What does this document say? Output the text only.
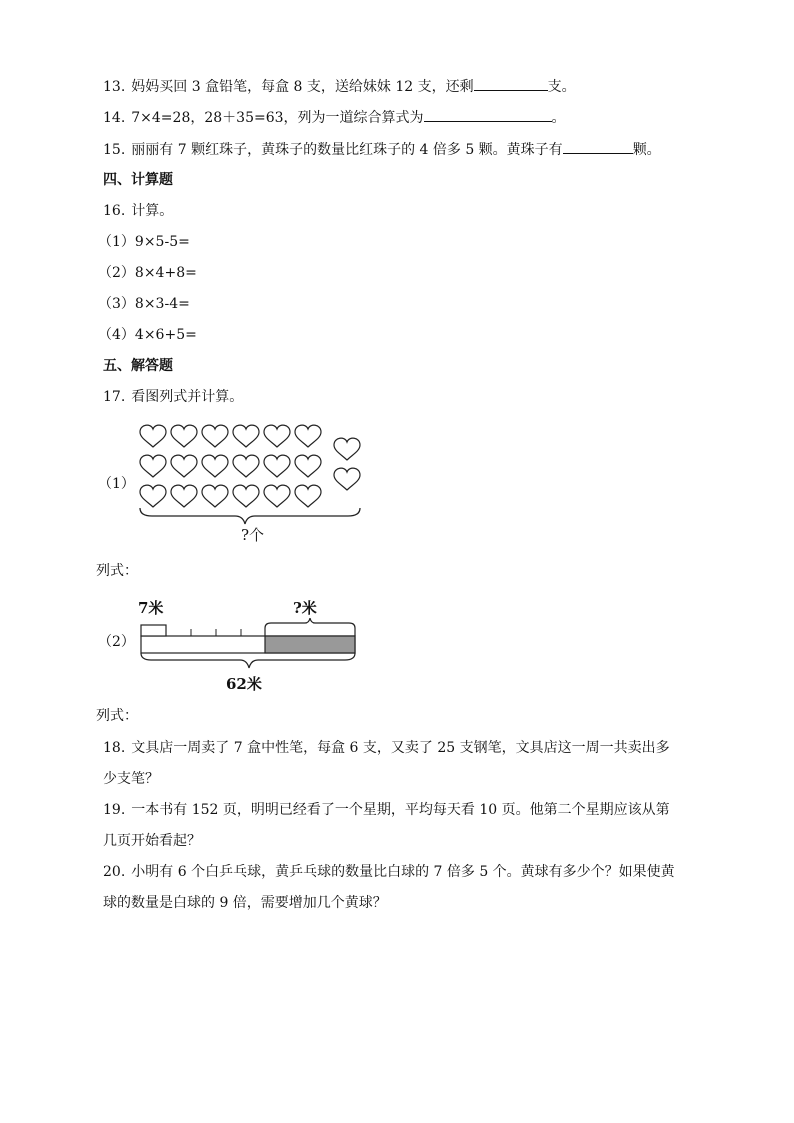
13. 妈妈买回 3 盒铅笔，每盒 8 支，送给妹妹 12 支，还剩	支。
14. 7×4=28，28＋35=63，列为一道综合算式为	。
15. 丽丽有 7 颗红珠子，黄珠子的数量比红珠子的 4 倍多 5 颗。黄珠子有	颗。
四、计算题
16. 计算。
（1）9×5-5=
（2）8×4+8=
（3）8×3-4=
（4）4×6+5=
五、解答题
17. 看图列式并计算。
（1）
?个
列式：
（2）
7米	?米
62米
列式：
18. 文具店一周卖了 7 盒中性笔，每盒 6 支，又卖了 25 支钢笔，文具店这一周一共卖出多
少支笔？
19. 一本书有 152 页，明明已经看了一个星期，平均每天看 10 页。他第二个星期应该从第
几页开始看起？
20. 小明有 6 个白乒乓球，黄乒乓球的数量比白球的 7 倍多 5 个。黄球有多少个？如果使黄
球的数量是白球的 9 倍，需要增加几个黄球？
